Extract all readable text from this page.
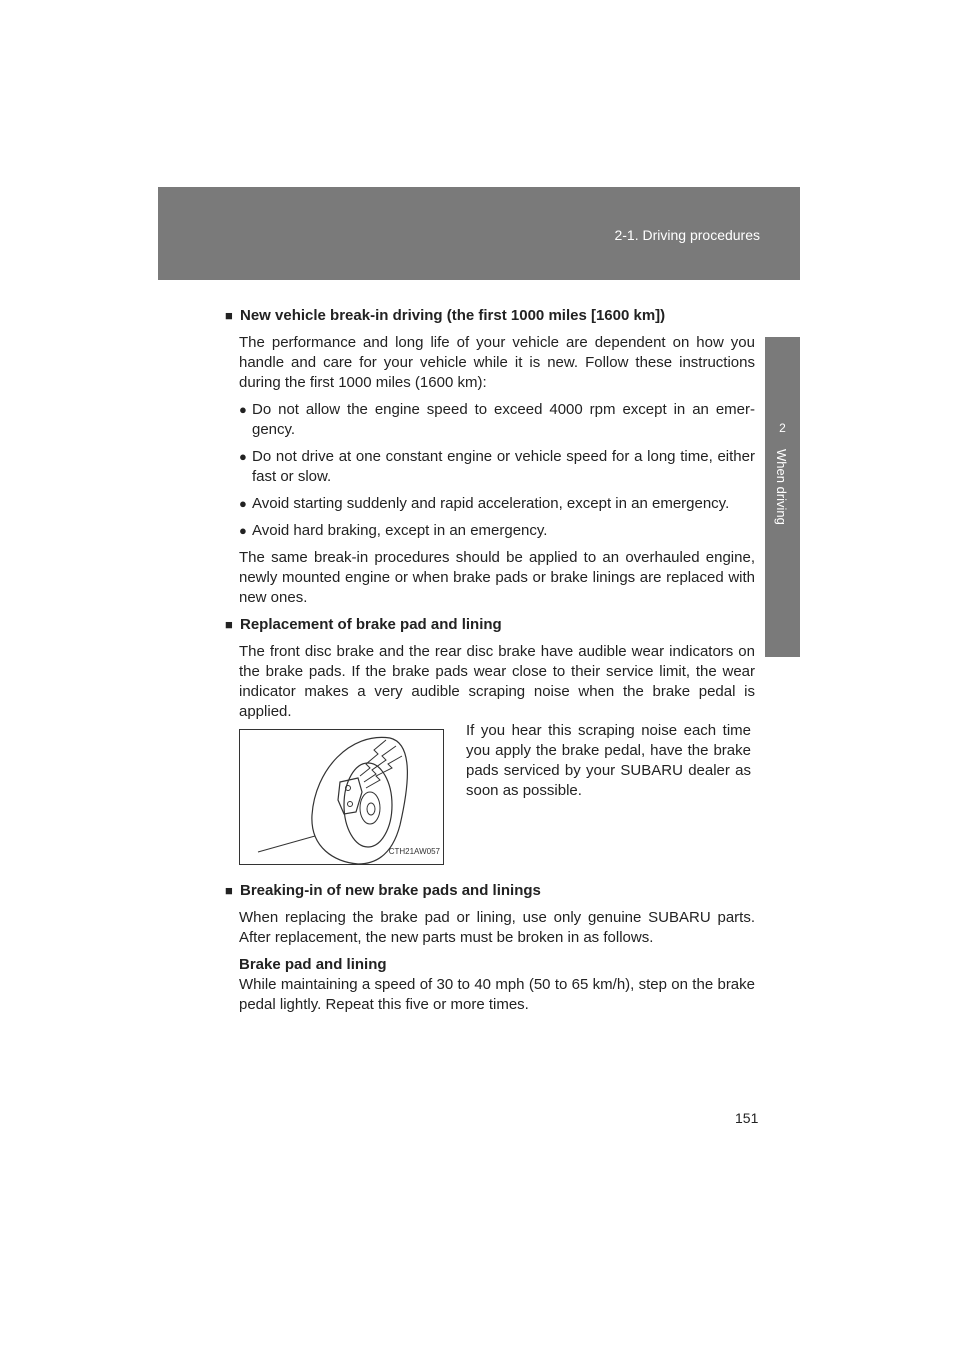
2-1. Driving procedures
2
When driving
■ New vehicle break-in driving (the first 1000 miles [1600 km])

The performance and long life of your vehicle are dependent on how you handle and care for your vehicle while it is new. Follow these instructions during the first 1000 miles (1600 km):

● Do not allow the engine speed to exceed 4000 rpm except in an emer- gency.
● Do not drive at one constant engine or vehicle speed for a long time, either fast or slow.
● Avoid starting suddenly and rapid acceleration, except in an emergency.
● Avoid hard braking, except in an emergency.

The same break-in procedures should be applied to an overhauled engine, newly mounted engine or when brake pads or brake linings are replaced with new ones.

■ Replacement of brake pad and lining

The front disc brake and the rear disc brake have audible wear indicators on the brake pads. If the brake pads wear close to their service limit, the wear indicator makes a very audible scraping noise when the brake pedal is applied.

CTH21AW057
If you hear this scraping noise each time you apply the brake pedal, have the brake pads serviced by your SUBARU dealer as soon as possible.
■ Breaking-in of new brake pads and linings

When replacing the brake pad or lining, use only genuine SUBARU parts. After replacement, the new parts must be broken in as follows.

Brake pad and lining

While maintaining a speed of 30 to 40 mph (50 to 65 km/h), step on the brake pedal lightly. Repeat this five or more times.

151
